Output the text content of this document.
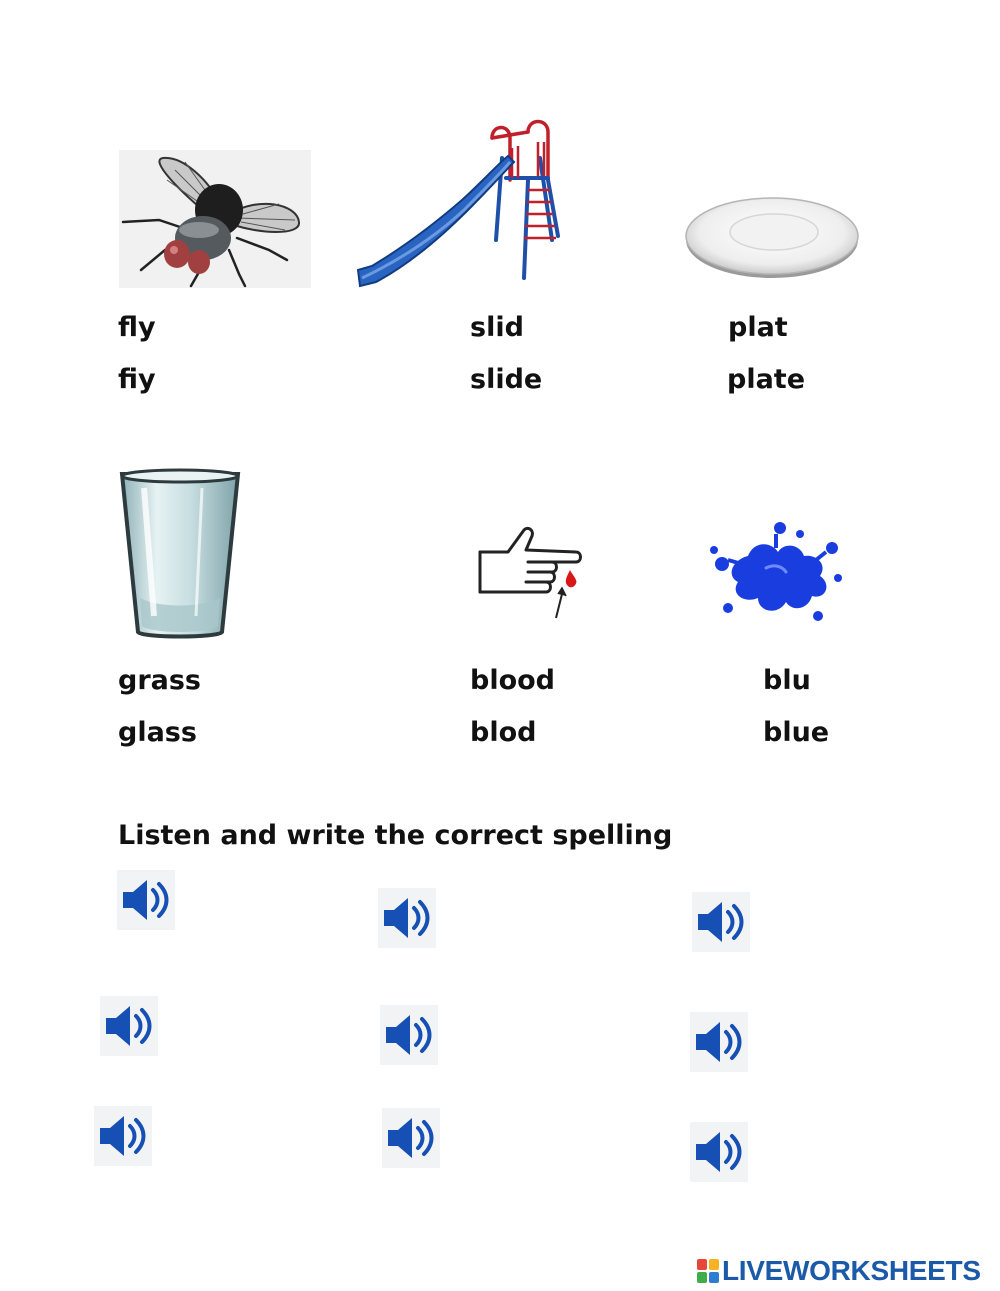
fly
fiy
slid
slide
plat
plate
grass
glass
blood
blod
blu
blue
Listen and write the correct spelling
LIVEWORKSHEETS
